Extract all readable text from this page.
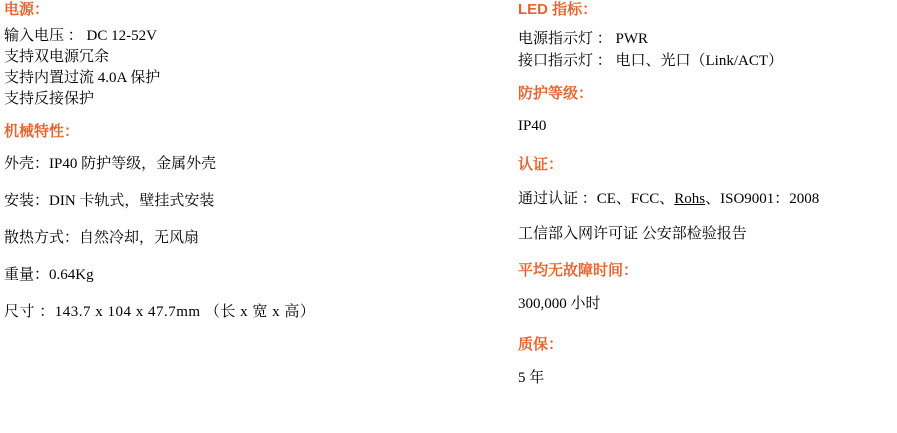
电源：
输入电压 ： DC 12-52V
支持双电源冗余
支持内置过流 4.0A 保护
支持反接保护
机械特性：
外壳：IP40 防护等级，金属外壳
安装：DIN 卡轨式，壁挂式安装
散热方式：自然冷却，无风扇
重量：0.64Kg
尺寸 ：143.7 x 104 x 47.7mm （长 x 宽 x 高）
LED 指标：
电源指示灯 ： PWR
接口指示灯 ： 电口、光口（Link/ACT）
防护等级：
IP40
认证：
通过认证 ：CE、FCC、Rohs、ISO9001：2008
工信部入网许可证 公安部检验报告
平均无故障时间：
300,000 小时
质保：
5 年
